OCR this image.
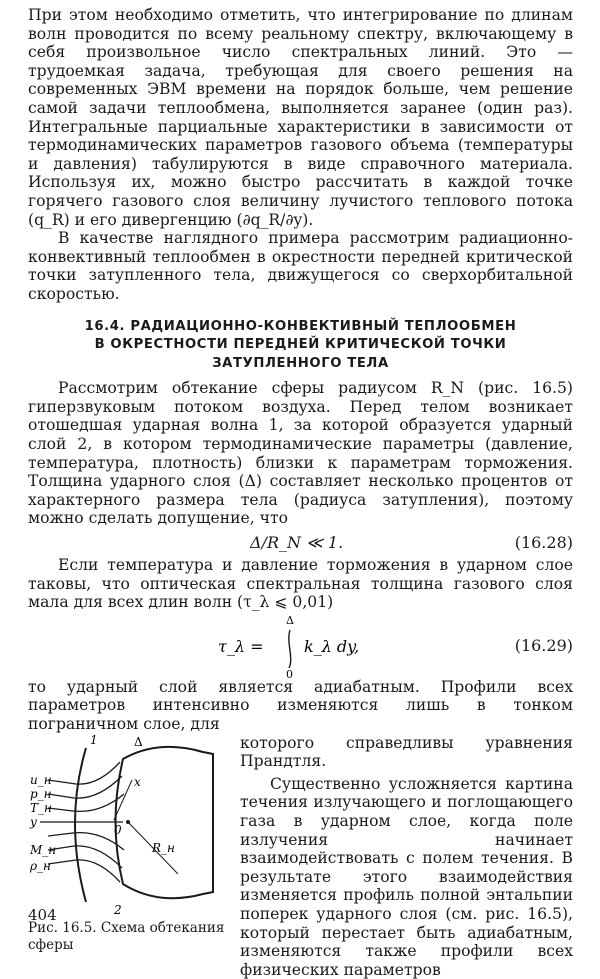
При этом необходимо отметить, что интегрирование по длинам волн проводится по всему реальному спектру, включающему в себя произвольное число спектральных линий. Это — трудоемкая задача, требующая для своего решения на современных ЭВМ времени на порядок больше, чем решение самой задачи теплообмена, выполняется заранее (один раз). Интегральные парциальные характеристики в зависимости от термодинамических параметров газового объема (температуры и давления) табулируются в виде справочного материала. Используя их, можно быстро рассчитать в каждой точке горячего газового слоя величину лучистого теплового потока (q_R) и его дивергенцию (∂q_R/∂y).

В качестве наглядного примера рассмотрим радиационно-конвективный теплообмен в окрестности передней критической точки затупленного тела, движущегося со сверхорбитальной скоростью.

16.4. РАДИАЦИОННО-КОНВЕКТИВНЫЙ ТЕПЛООБМЕН
В ОКРЕСТНОСТИ ПЕРЕДНЕЙ КРИТИЧЕСКОЙ ТОЧКИ
ЗАТУПЛЕННОГО ТЕЛА

Рассмотрим обтекание сферы радиусом R_N (рис. 16.5) гиперзвуковым потоком воздуха. Перед телом возникает отошедшая ударная волна 1, за которой образуется ударный слой 2, в котором термодинамические параметры (давление, температура, плотность) близки к параметрам торможения. Толщина ударного слоя (Δ) составляет несколько процентов от характерного размера тела (радиуса затупления), поэтому можно сделать допущение, что

Δ/R_N ≪ 1.	(16.28)

Если температура и давление торможения в ударном слое таковы, что оптическая спектральная толщина газового слоя мала для всех длин волн (τ_λ ⩽ 0,01)

τ_λ =
Δ
0
k_λ dy,	(16.29)

то ударный слой является адиабатным. Профили всех параметров интенсивно изменяются лишь в тонком пограничном слое, для

u_н
p_н
T_н
y
M_н
ρ_н
1
2
x
0
R_н
Δ
Рис. 16.5. Схема обтекания сферы

которого справедливы уравнения Прандтля.

Существенно усложняется картина течения излучающего и поглощающего газа в ударном слое, когда поле излучения начинает взаимодействовать с полем течения. В результате этого взаимодействия изменяется профиль полной энтальпии поперек ударного слоя (см. рис. 16.5), который перестает быть адиабатным, изменяются также профили всех физических параметров

404
